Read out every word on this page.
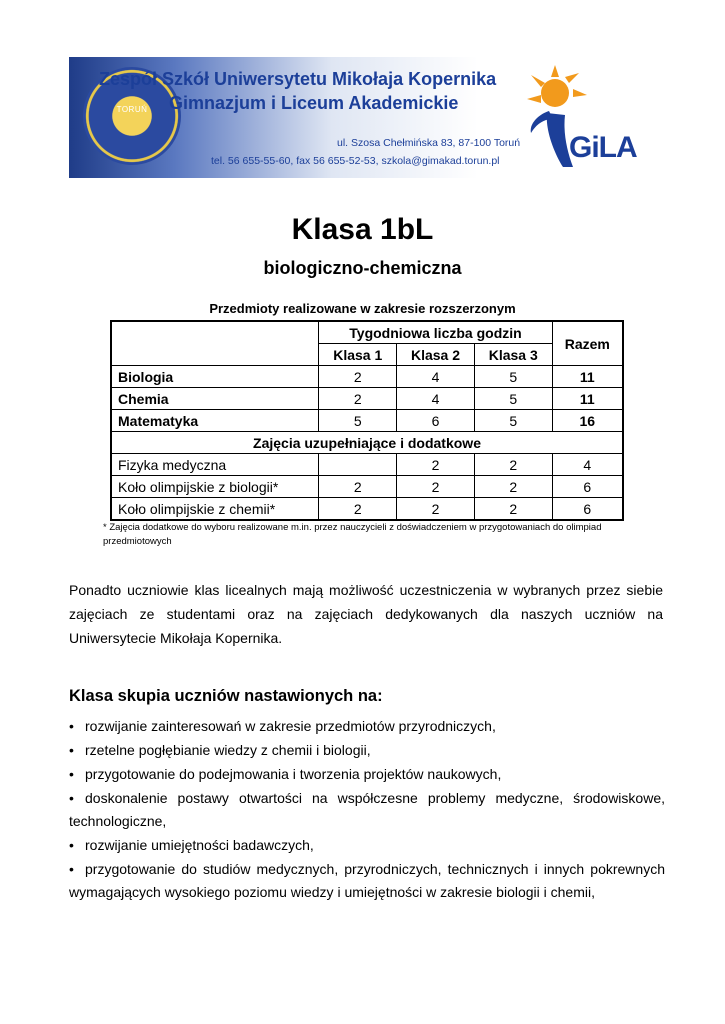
TORUŃ
Zespół Szkół Uniwersytetu Mikołaja Kopernika
Gimnazjum i Liceum Akademickie
ul. Szosa Chełmińska 83, 87-100 Toruń
tel. 56 655-55-60, fax 56 655-52-53, szkola@gimakad.torun.pl GiLA
Klasa 1bL
biologiczno-chemiczna
Przedmioty realizowane w zakresie rozszerzonym
	Tygodniowa liczba godzin			Razem
	Klasa 1	Klasa 2	Klasa 3	
Biologia	2	4	5	11
Chemia	2	4	5	11
Matematyka	5	6	5	16
Zajęcia uzupełniające i dodatkowe				
Fizyka medyczna		2	2	4
Koło olimpijskie z biologii*	2	2	2	6
Koło olimpijskie z chemii*	2	2	2	6
* Zajęcia dodatkowe do wyboru realizowane m.in. przez nauczycieli z doświadczeniem w przygotowaniach do olimpiad przedmiotowych
Ponadto uczniowie klas licealnych mają możliwość uczestniczenia w wybranych przez siebie zajęciach ze studentami oraz na zajęciach dedykowanych dla naszych uczniów na Uniwersytecie Mikołaja Kopernika.
Klasa skupia uczniów nastawionych na:
• rozwijanie zainteresowań w zakresie przedmiotów przyrodniczych,
• rzetelne pogłębianie wiedzy z chemii i biologii,
• przygotowanie do podejmowania i tworzenia projektów naukowych,
• doskonalenie postawy otwartości na współczesne problemy medyczne, środowiskowe, technologiczne,
• rozwijanie umiejętności badawczych,
• przygotowanie do studiów medycznych, przyrodniczych, technicznych i innych pokrewnych wymagających wysokiego poziomu wiedzy i umiejętności w zakresie biologii i chemii,
